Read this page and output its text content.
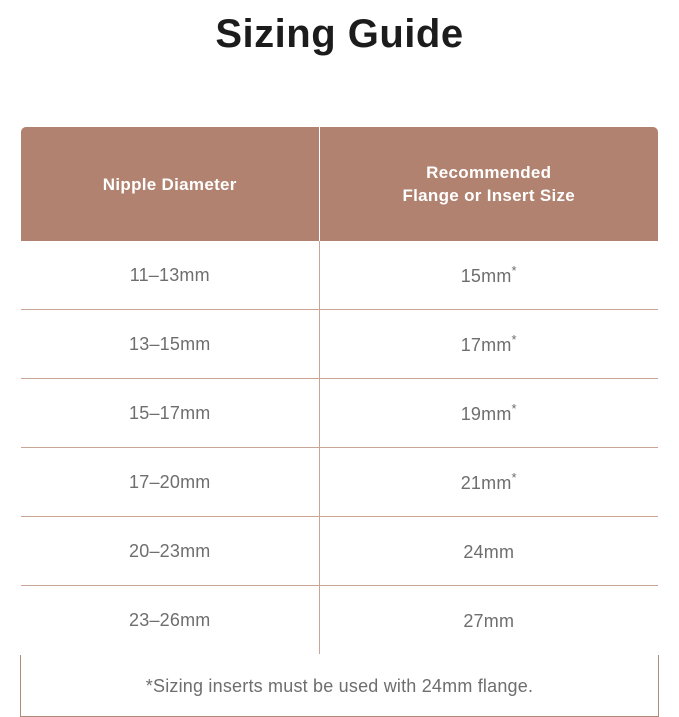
Sizing Guide
Nipple Diameter	Recommended
Flange or Insert Size
11–13mm	15mm*
13–15mm	17mm*
15–17mm	19mm*
17–20mm	21mm*
20–23mm	24mm
23–26mm	27mm
*Sizing inserts must be used with 24mm flange.
